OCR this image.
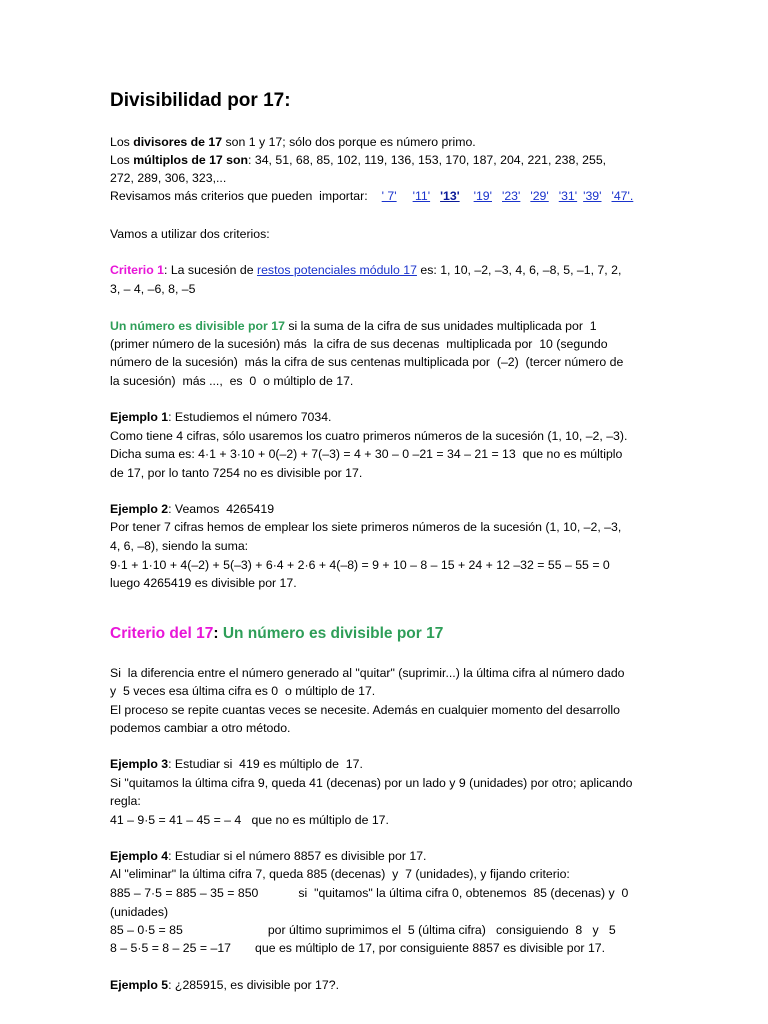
Divisibilidad por 17:
Los divisores de 17 son 1 y 17; sólo dos porque es número primo.
Los múltiplos de 17 son: 34, 51, 68, 85, 102, 119, 136, 153, 170, 187, 204, 221, 238, 255,
272, 289, 306, 323,...
Revisamos más criterios que pueden  importar: ' 7' '11' '13' '19' '23' '29' '31' '39' '47'.
Vamos a utilizar dos criterios:
Criterio 1: La sucesión de restos potenciales módulo 17 es: 1, 10, –2, –3, 4, 6, –8, 5, –1, 7, 2,
3, – 4, –6, 8, –5
Un número es divisible por 17 si la suma de la cifra de sus unidades multiplicada por  1
(primer número de la sucesión) más  la cifra de sus decenas  multiplicada por  10 (segundo
número de la sucesión)  más la cifra de sus centenas multiplicada por  (–2)  (tercer número de
la sucesión)  más ...,  es  0  o múltiplo de 17.
Ejemplo 1: Estudiemos el número 7034.
Como tiene 4 cifras, sólo usaremos los cuatro primeros números de la sucesión (1, 10, –2, –3).
Dicha suma es: 4·1 + 3·10 + 0(–2) + 7(–3) = 4 + 30 – 0 –21 = 34 – 21 = 13  que no es múltiplo
de 17, por lo tanto 7254 no es divisible por 17.
Ejemplo 2: Veamos  4265419
Por tener 7 cifras hemos de emplear los siete primeros números de la sucesión (1, 10, –2, –3,
4, 6, –8), siendo la suma:
9·1 + 1·10 + 4(–2) + 5(–3) + 6·4 + 2·6 + 4(–8) = 9 + 10 – 8 – 15 + 24 + 12 –32 = 55 – 55 = 0
luego 4265419 es divisible por 17.
Criterio del 17: Un número es divisible por 17
Si  la diferencia entre el número generado al "quitar" (suprimir...) la última cifra al número dado
y  5 veces esa última cifra es 0  o múltiplo de 17.
El proceso se repite cuantas veces se necesite. Además en cualquier momento del desarrollo
podemos cambiar a otro método.
Ejemplo 3: Estudiar si  419 es múltiplo de  17.
Si "quitamos la última cifra 9, queda 41 (decenas) por un lado y 9 (unidades) por otro; aplicando
regla:
41 – 9·5 = 41 – 45 = – 4   que no es múltiplo de 17.
Ejemplo 4: Estudiar si el número 8857 es divisible por 17.
Al "eliminar" la última cifra 7, queda 885 (decenas)  y  7 (unidades), y fijando criterio:
885 – 7·5 = 885 – 35 = 850	si  "quitamos" la última cifra 0, obtenemos  85 (decenas) y  0
(unidades)
85 – 0·5 = 85	por último suprimimos el  5 (última cifra)   consiguiendo  8   y   5
8 – 5·5 = 8 – 25 = –17 que es múltiplo de 17, por consiguiente 8857 es divisible por 17.
Ejemplo 5: ¿285915, es divisible por 17?.
